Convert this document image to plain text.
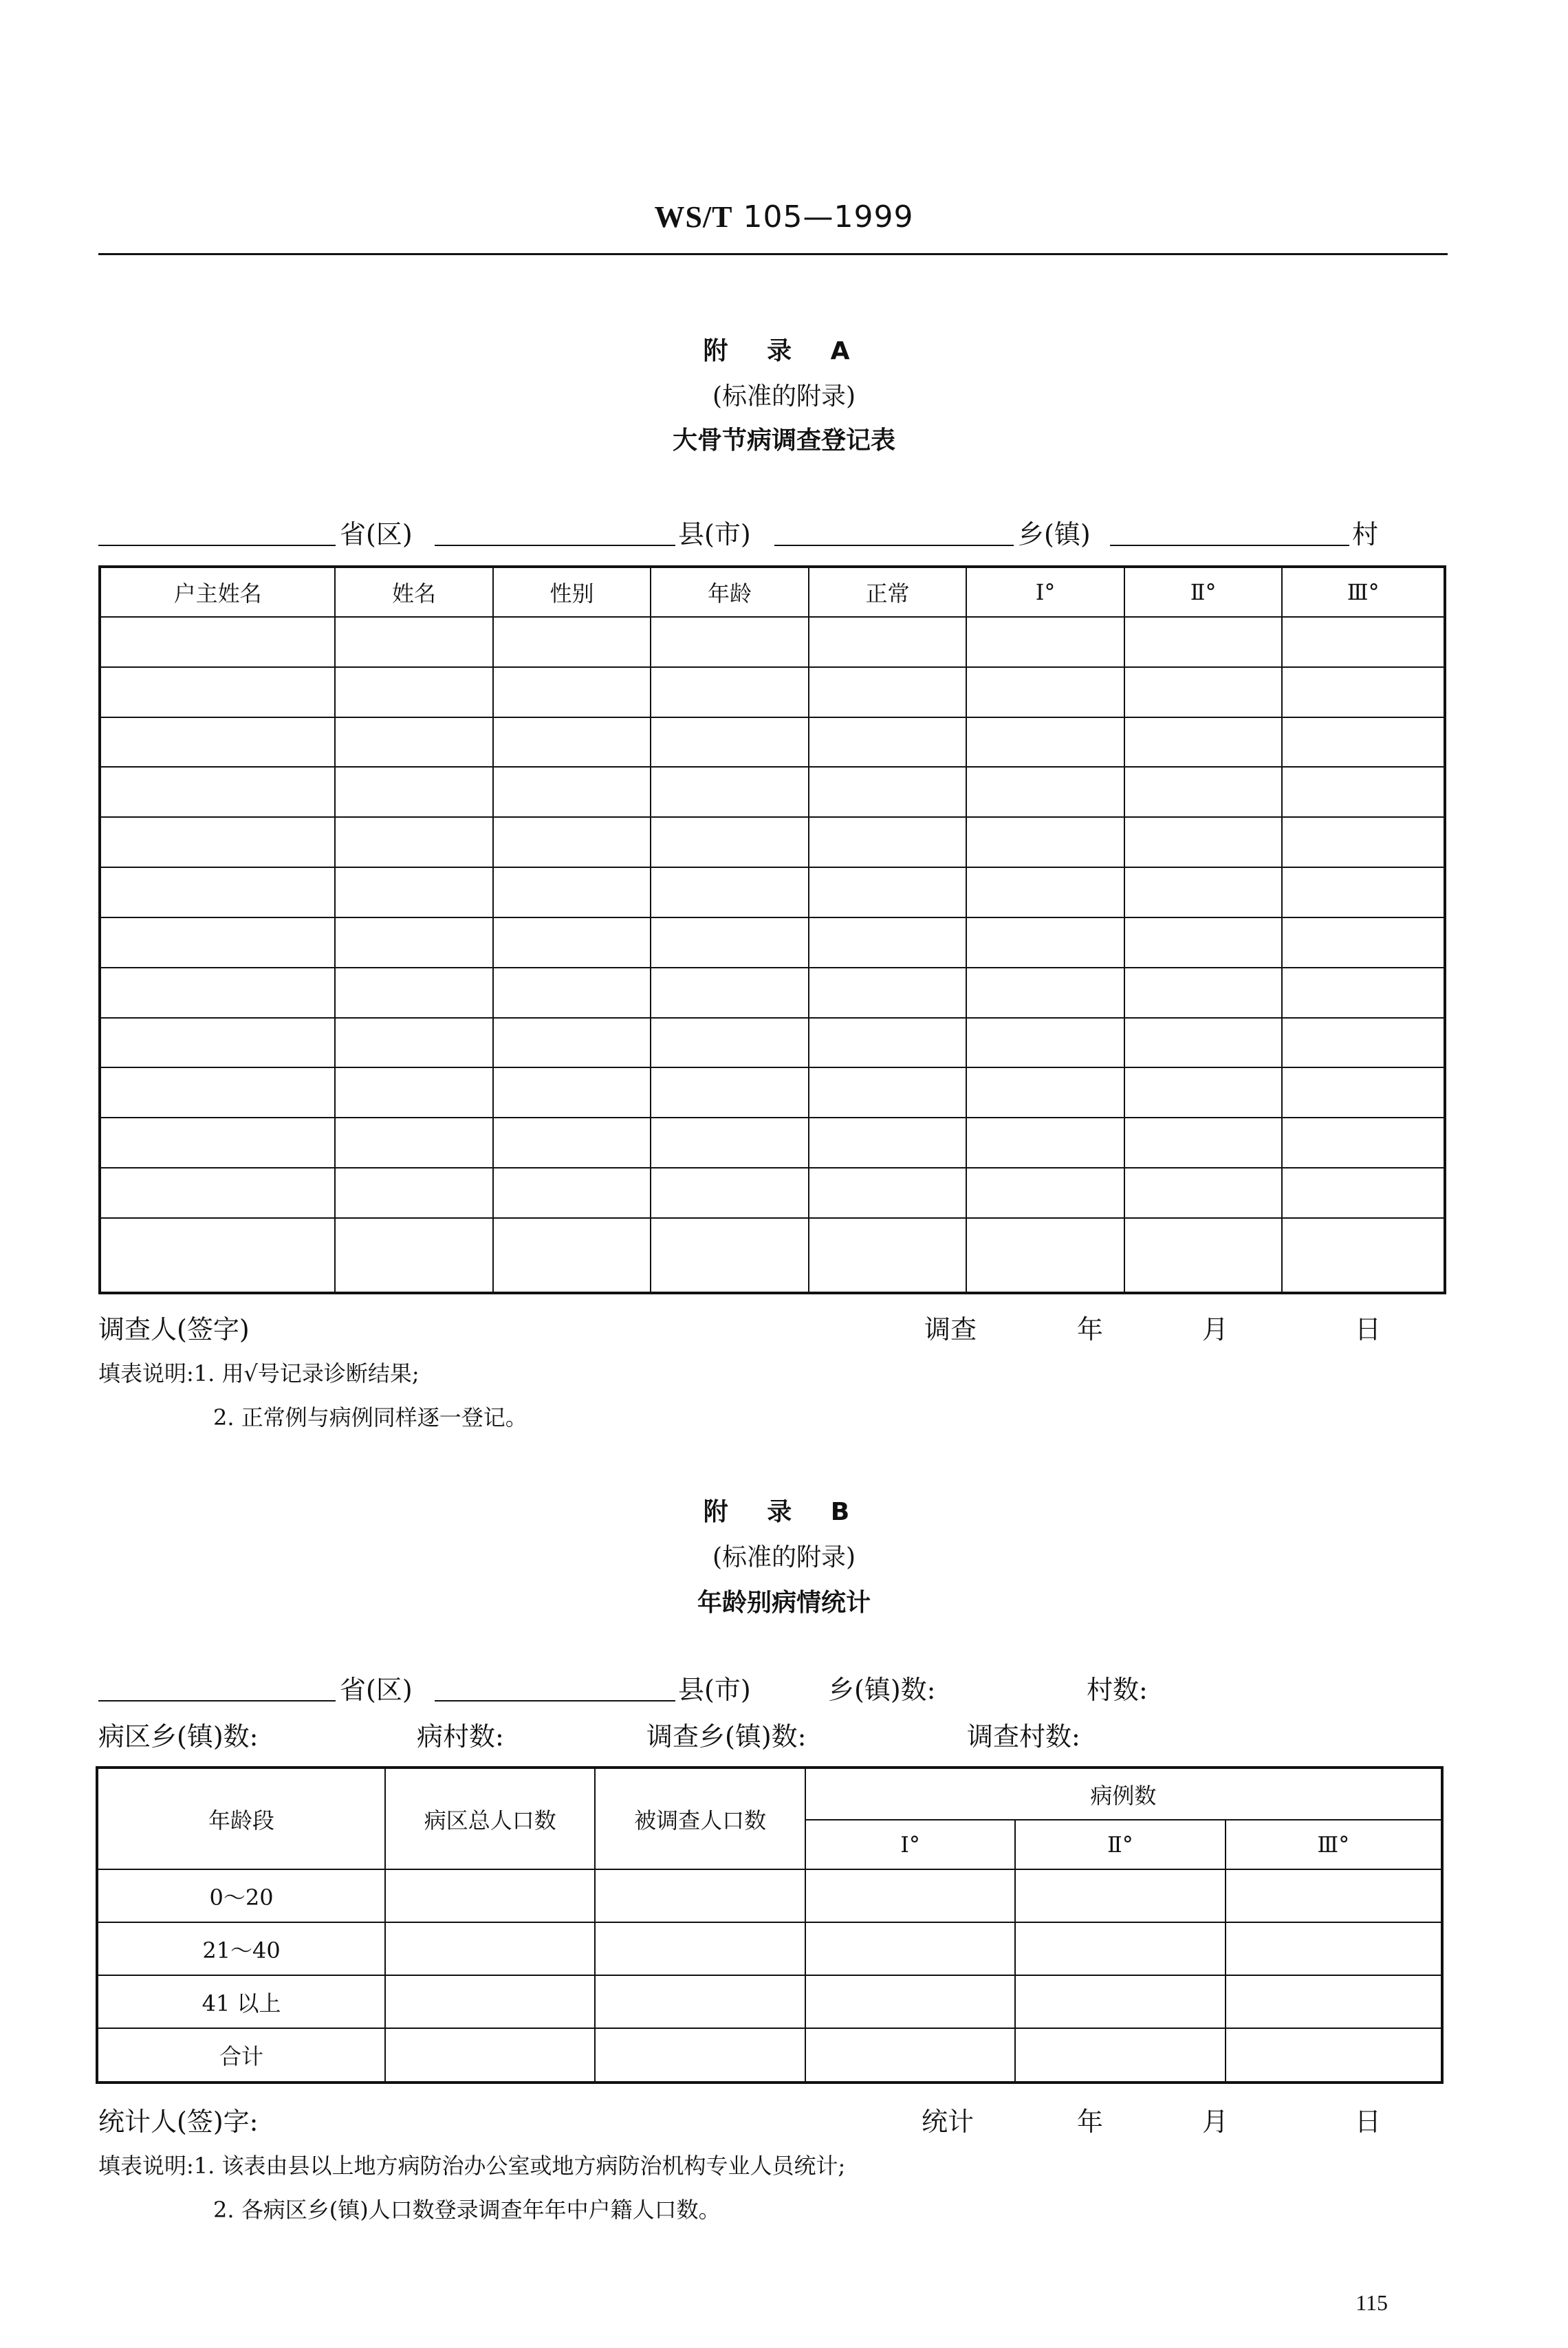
WS/T 105—1999
附 录 A
(标准的附录)
大骨节病调查登记表
省(区)	县(市)	乡(镇)	村
户主姓名	姓名	性别	年龄	正常	Ⅰ°	Ⅱ°	Ⅲ°

调查人(签字)	调查	年	月	日
填表说明:1. 用√号记录诊断结果;
2. 正常例与病例同样逐一登记。
附 录 B
(标准的附录)
年龄别病情统计
省(区)	县(市)	乡(镇)数:	村数:
病区乡(镇)数:	病村数:	调查乡(镇)数:	调查村数:
年龄段	病区总人口数	被调查人口数	病例数		
			Ⅰ°	Ⅱ°	Ⅲ°
0～20					
21～40					
41 以上					
合计					
统计人(签)字:	统计	年	月	日
填表说明:1. 该表由县以上地方病防治办公室或地方病防治机构专业人员统计;
2. 各病区乡(镇)人口数登录调查年年中户籍人口数。
115
